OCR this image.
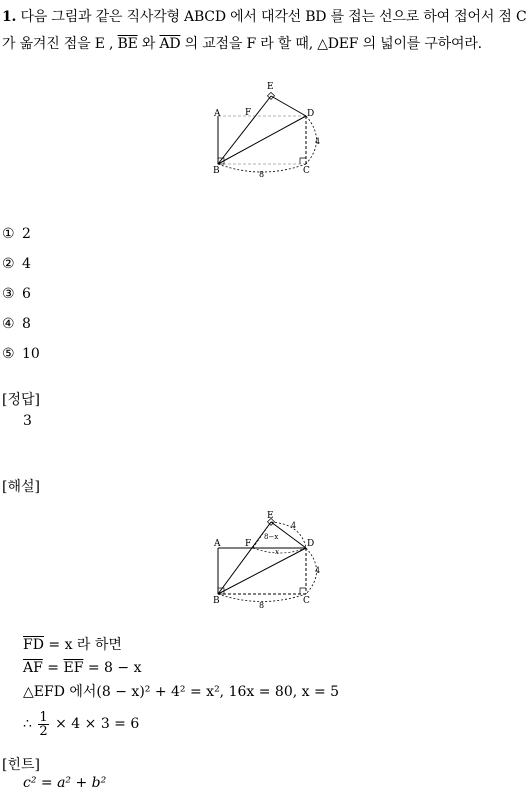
1. 다음 그림과 같은 직사각형 ABCD 에서 대각선 BD 를 접는 선으로 하여 접어서 점 C 가 옮겨진 점을 E , $\overline{BE}$ 와 $\overline{AD}$ 의 교점을 F 라 할 때, △DEF 의 넓이를 구하여라.
E
A	F	D
B	C
4
8
① 2
② 4
③ 6
④ 8
⑤ 10
[정답]
3
[해설]
E
A	F	D
B	C
4
4
8
8−x
x
$\overline{FD} = x$ 라 하면
$\overline{AF} = \overline{EF} = 8 - x$
△EFD 에서(8 − x)² + 4² = x², 16x = 80, x = 5
∴ $\frac{1}{2} \times 4 \times 3 = 6$
[힌트]
c² = a² + b²
